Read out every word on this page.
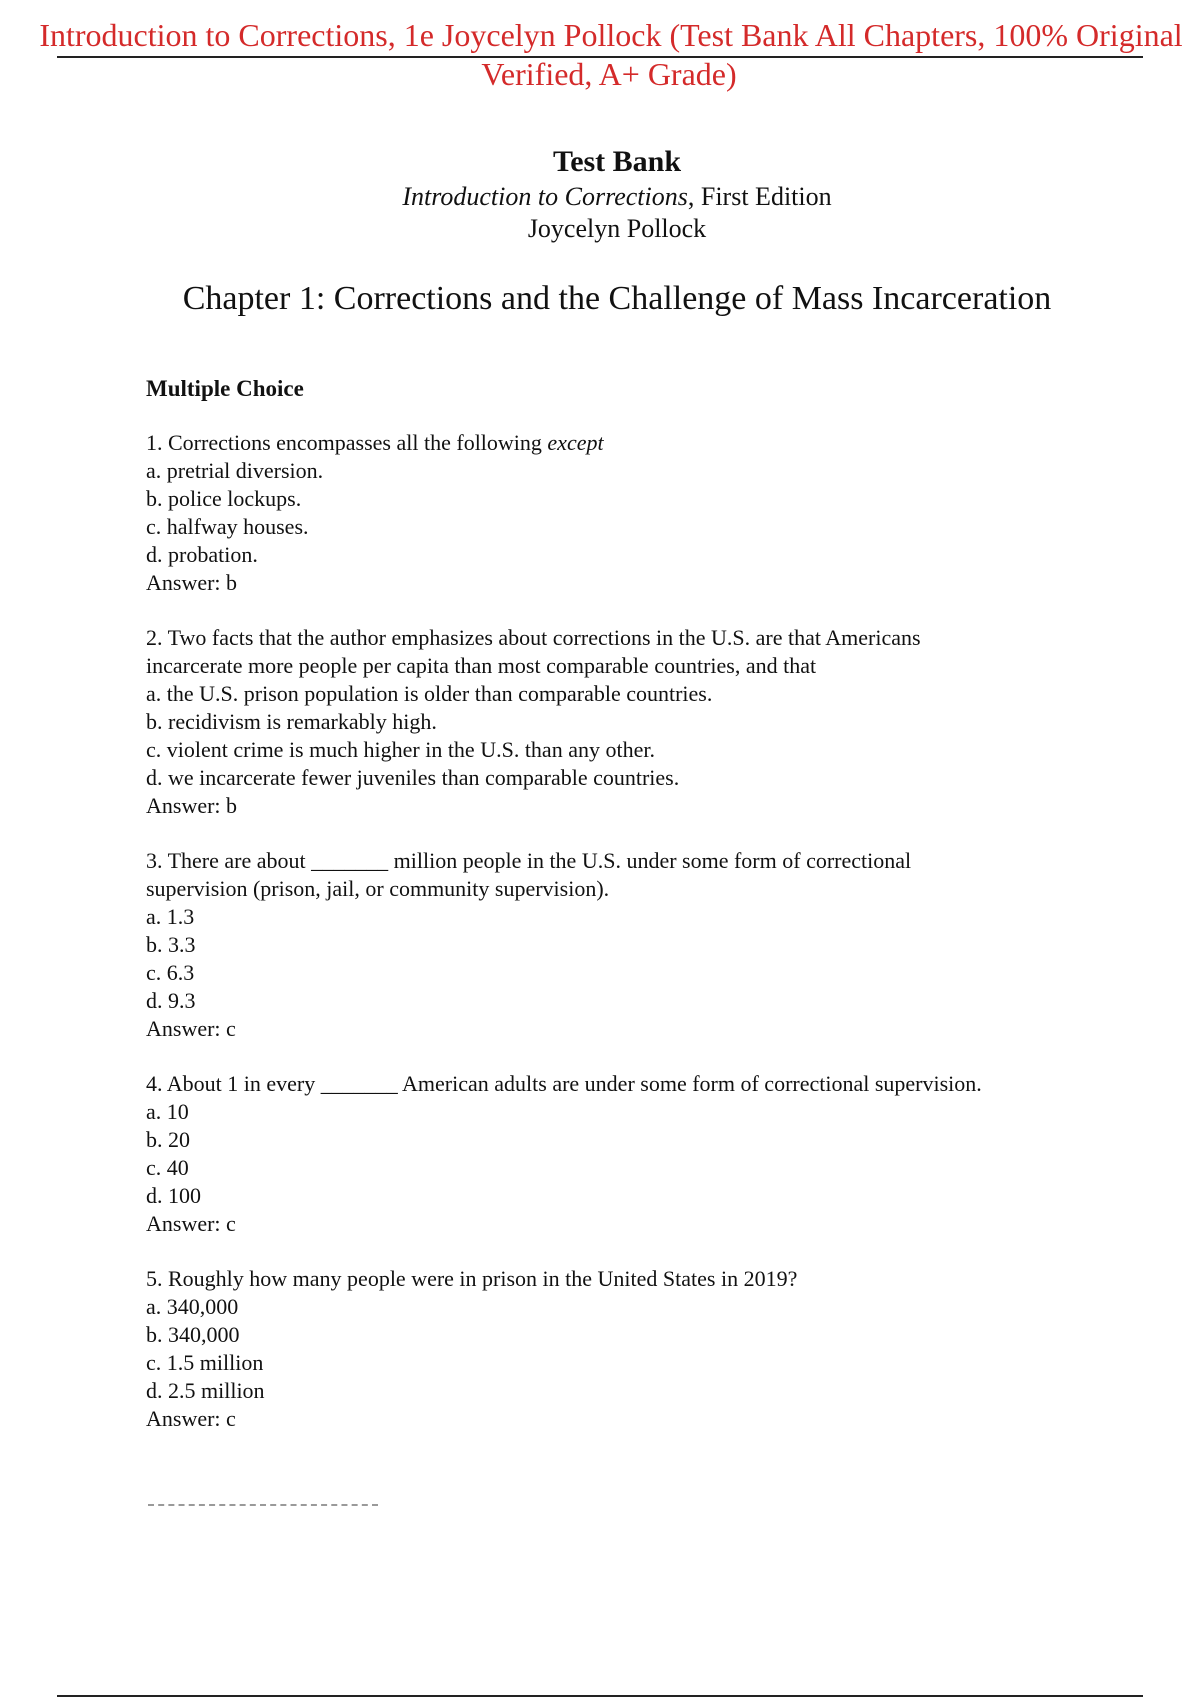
Introduction to Corrections, 1e Joycelyn Pollock (Test Bank All Chapters, 100% Original
Verified, A+ Grade)
Test Bank
Introduction to Corrections, First Edition
Joycelyn Pollock
Chapter 1: Corrections and the Challenge of Mass Incarceration
Multiple Choice
1. Corrections encompasses all the following except
a. pretrial diversion.
b. police lockups.
c. halfway houses.
d. probation.
Answer: b
2. Two facts that the author emphasizes about corrections in the U.S. are that Americans
incarcerate more people per capita than most comparable countries, and that
a. the U.S. prison population is older than comparable countries.
b. recidivism is remarkably high.
c. violent crime is much higher in the U.S. than any other.
d. we incarcerate fewer juveniles than comparable countries.
Answer: b
3. There are about _______ million people in the U.S. under some form of correctional
supervision (prison, jail, or community supervision).
a. 1.3
b. 3.3
c. 6.3
d. 9.3
Answer: c
4. About 1 in every _______ American adults are under some form of correctional supervision.
a. 10
b. 20
c. 40
d. 100
Answer: c
5. Roughly how many people were in prison in the United States in 2019?
a. 340,000
b. 340,000
c. 1.5 million
d. 2.5 million
Answer: c
